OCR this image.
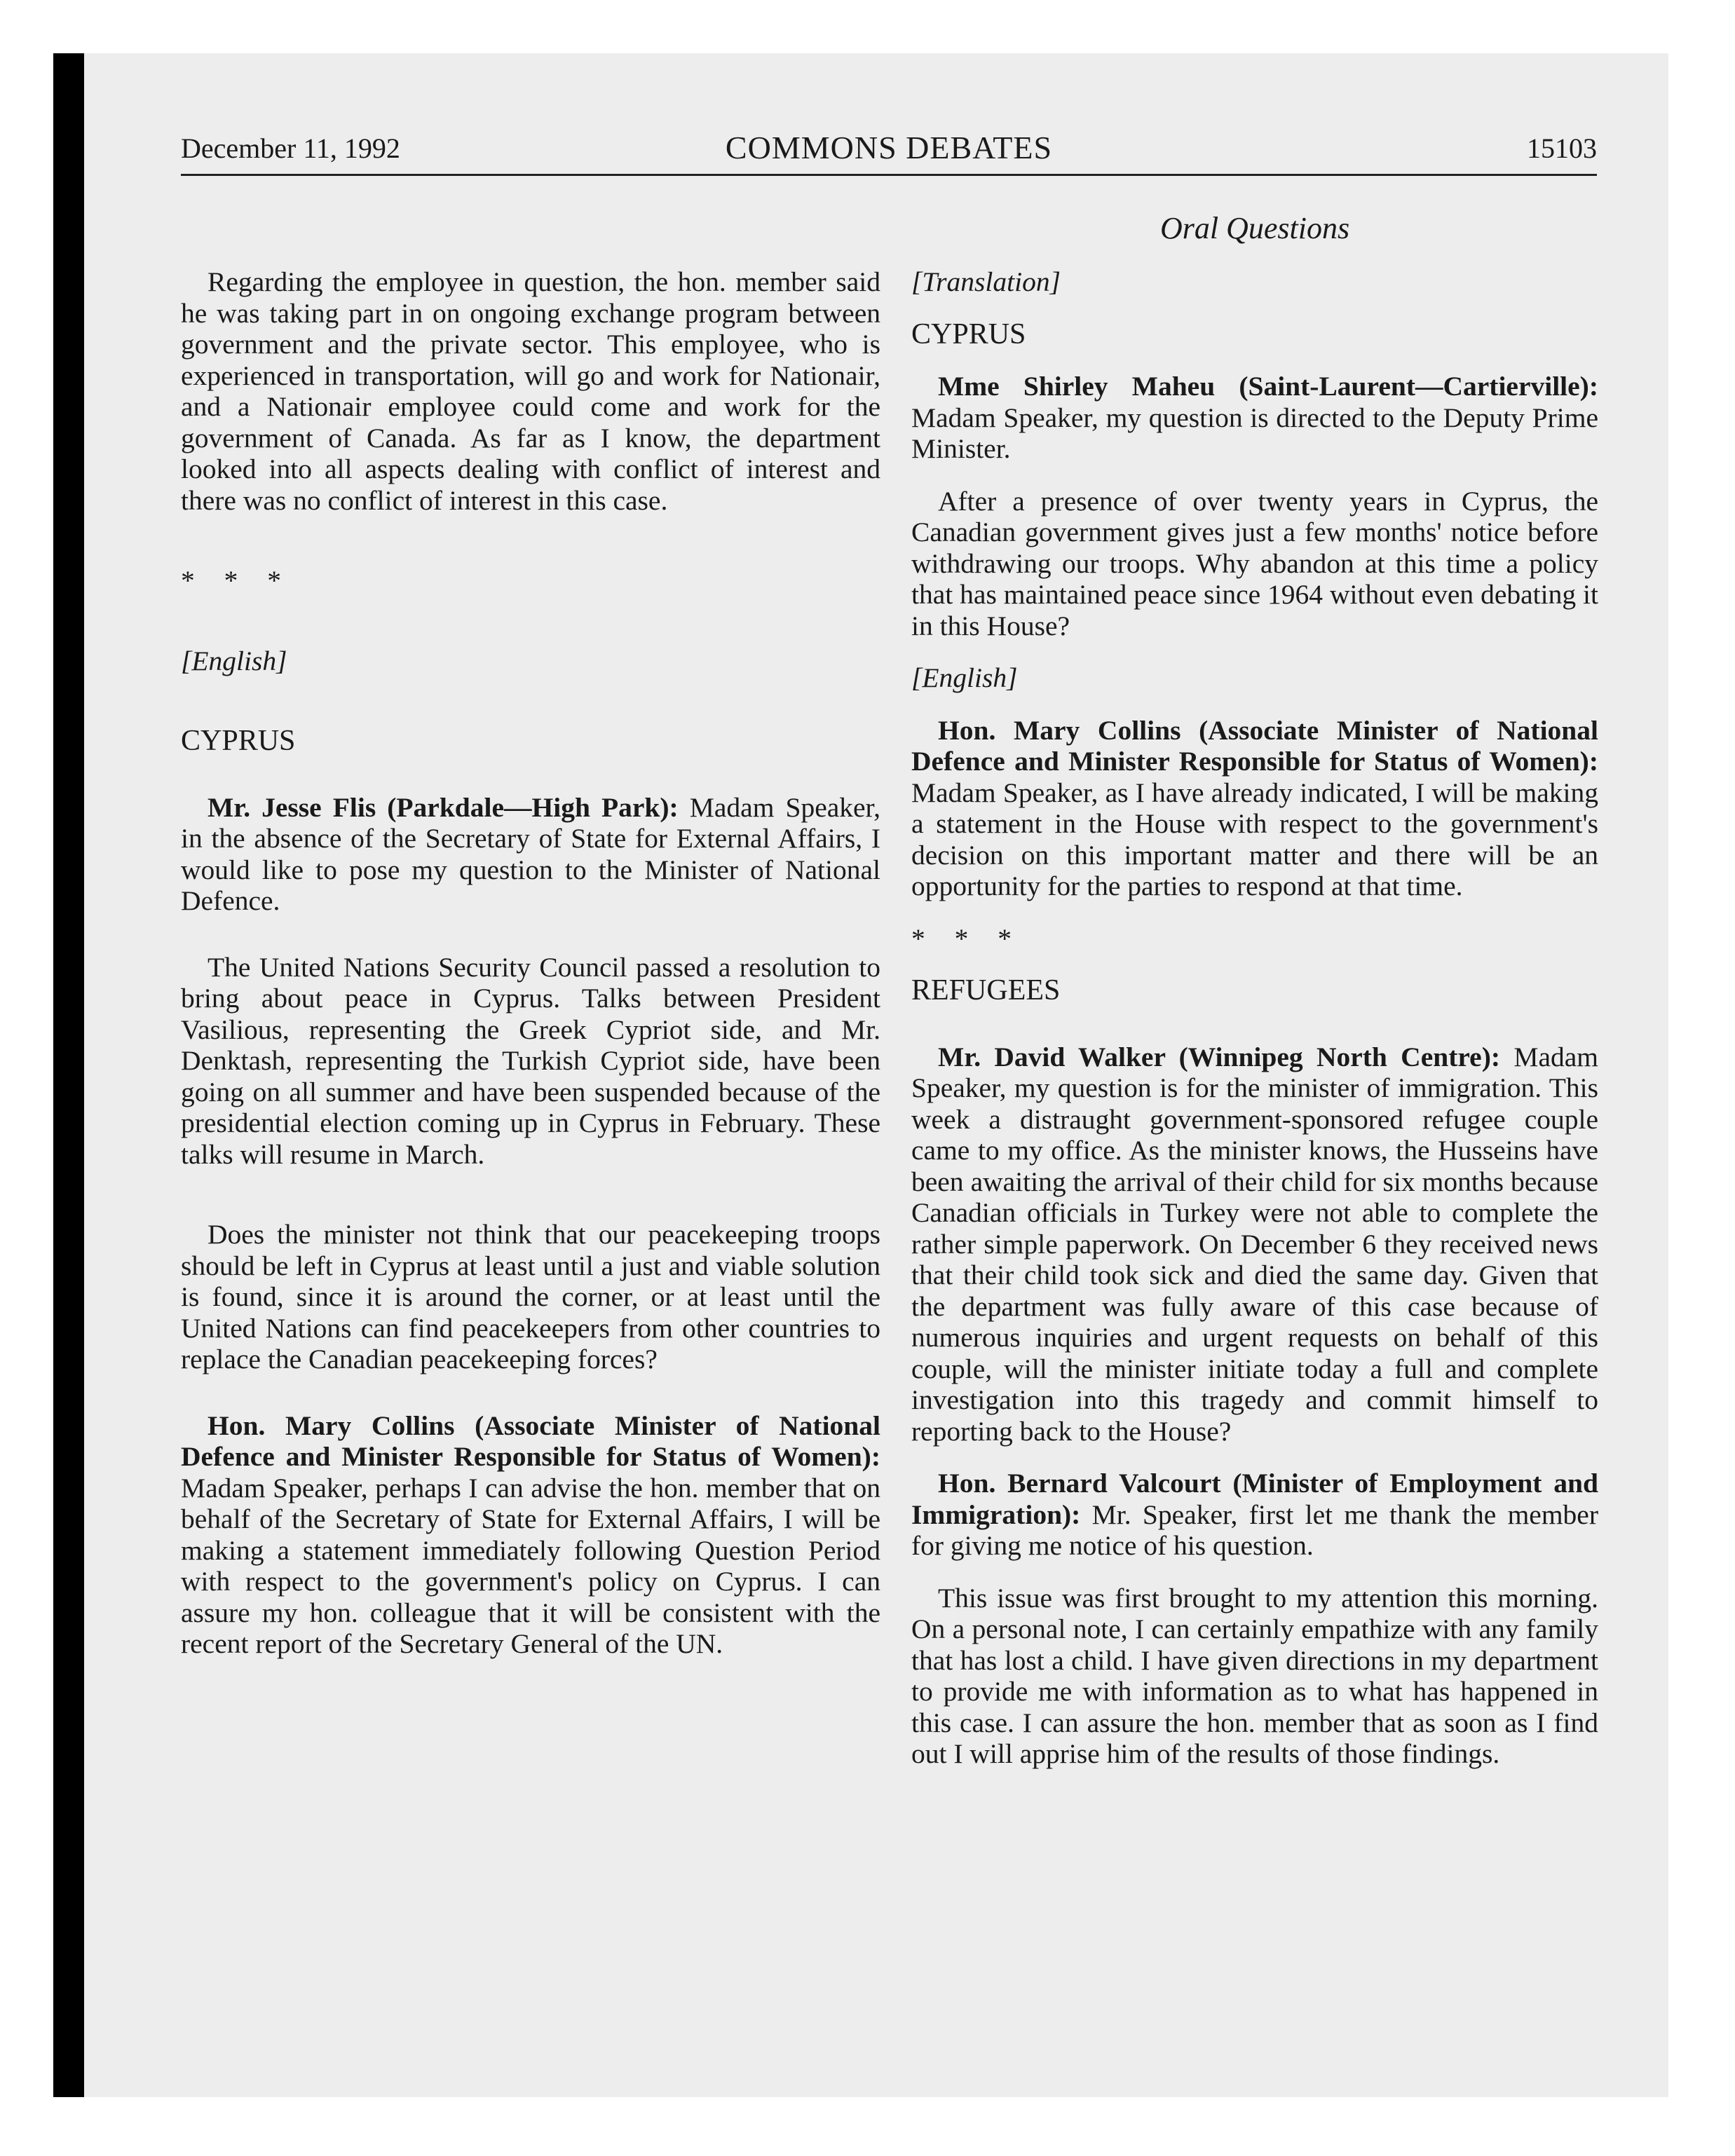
December 11, 1992	COMMONS DEBATES	15103
Oral Questions

Regarding the employee in question, the hon. member said he was taking part in on ongoing exchange program between government and the private sector. This employee, who is experienced in transportation, will go and work for Nationair, and a Nationair employee could come and work for the government of Canada. As far as I know, the department looked into all aspects dealing with conflict of interest and there was no conflict of interest in this case.

* * *

[English]

CYPRUS

Mr. Jesse Flis (Parkdale—High Park): Madam Speaker, in the absence of the Secretary of State for External Affairs, I would like to pose my question to the Minister of National Defence.

The United Nations Security Council passed a resolution to bring about peace in Cyprus. Talks between President Vasilious, representing the Greek Cypriot side, and Mr. Denktash, representing the Turkish Cypriot side, have been going on all summer and have been suspended because of the presidential election coming up in Cyprus in February. These talks will resume in March.

Does the minister not think that our peacekeeping troops should be left in Cyprus at least until a just and viable solution is found, since it is around the corner, or at least until the United Nations can find peacekeepers from other countries to replace the Canadian peacekeeping forces?

Hon. Mary Collins (Associate Minister of National Defence and Minister Responsible for Status of Women): Madam Speaker, perhaps I can advise the hon. member that on behalf of the Secretary of State for External Affairs, I will be making a statement immediately following Question Period with respect to the government's policy on Cyprus. I can assure my hon. colleague that it will be consistent with the recent report of the Secretary General of the UN.

[Translation]

CYPRUS

Mme Shirley Maheu (Saint-Laurent—Cartierville): Madam Speaker, my question is directed to the Deputy Prime Minister.

After a presence of over twenty years in Cyprus, the Canadian government gives just a few months' notice before withdrawing our troops. Why abandon at this time a policy that has maintained peace since 1964 without even debating it in this House?

[English]

Hon. Mary Collins (Associate Minister of National Defence and Minister Responsible for Status of Women): Madam Speaker, as I have already indicated, I will be making a statement in the House with respect to the government's decision on this important matter and there will be an opportunity for the parties to respond at that time.

* * *

REFUGEES

Mr. David Walker (Winnipeg North Centre): Madam Speaker, my question is for the minister of immigration. This week a distraught government-sponsored refugee couple came to my office. As the minister knows, the Husseins have been awaiting the arrival of their child for six months because Canadian officials in Turkey were not able to complete the rather simple paperwork. On December 6 they received news that their child took sick and died the same day. Given that the department was fully aware of this case because of numerous inquiries and urgent requests on behalf of this couple, will the minister initiate today a full and complete investigation into this tragedy and commit himself to reporting back to the House?

Hon. Bernard Valcourt (Minister of Employment and Immigration): Mr. Speaker, first let me thank the member for giving me notice of his question.

This issue was first brought to my attention this morning. On a personal note, I can certainly empathize with any family that has lost a child. I have given directions in my department to provide me with information as to what has happened in this case. I can assure the hon. member that as soon as I find out I will apprise him of the results of those findings.
